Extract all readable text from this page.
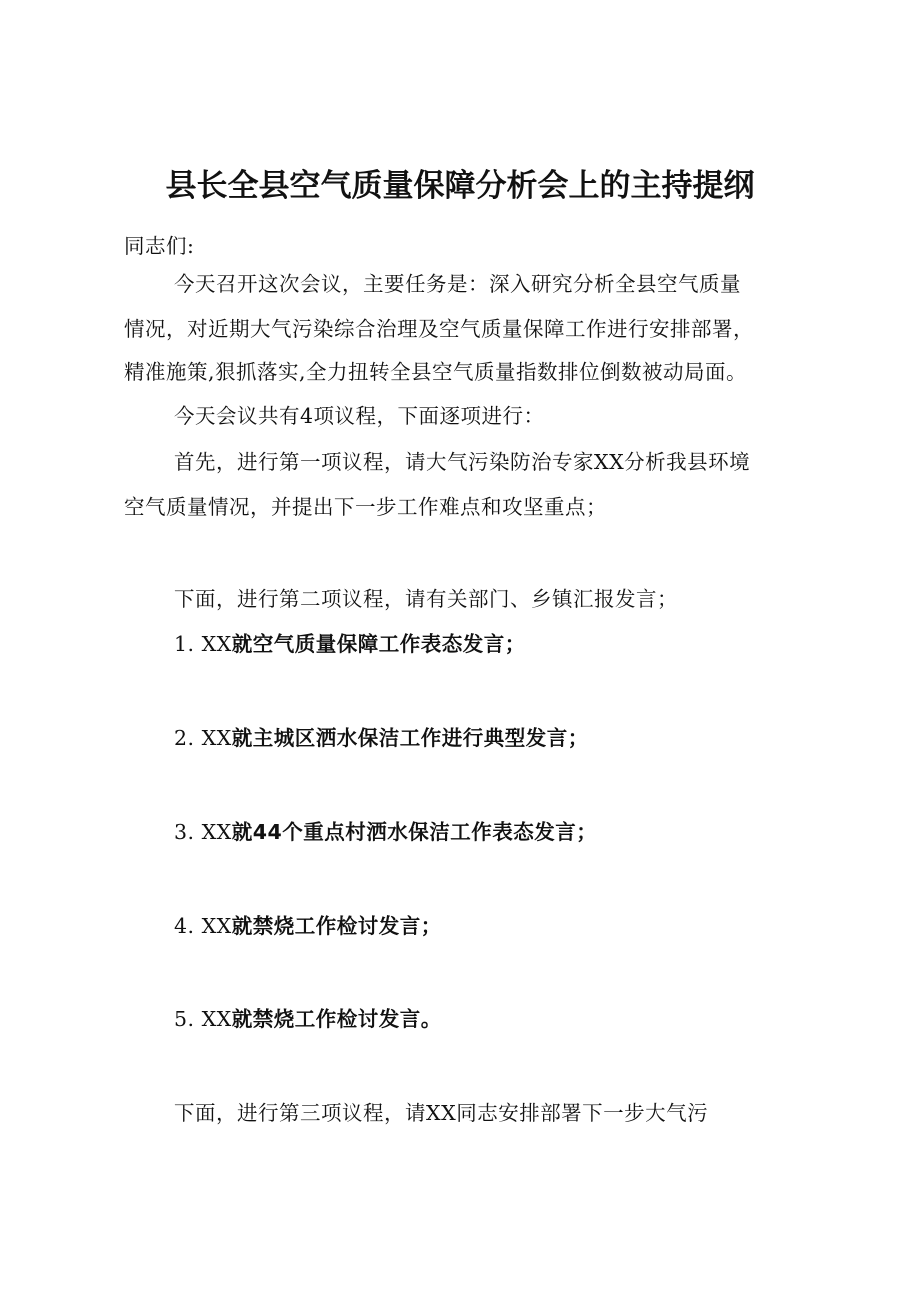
县长全县空气质量保障分析会上的主持提纲
同志们:
今天召开这次会议，主要任务是：深入研究分析全县空气质量
情况，对近期大气污染综合治理及空气质量保障工作进行安排部署，
精准施策,狠抓落实,全力扭转全县空气质量指数排位倒数被动局面。
今天会议共有4项议程，下面逐项进行：
首先，进行第一项议程，请大气污染防治专家XX分析我县环境
空气质量情况，并提出下一步工作难点和攻坚重点；
下面，进行第二项议程，请有关部门、乡镇汇报发言；
1. XX就空气质量保障工作表态发言；
2. XX就主城区洒水保洁工作进行典型发言；
3. XX就44个重点村洒水保洁工作表态发言；
4. XX就禁烧工作检讨发言；
5. XX就禁烧工作检讨发言。
下面，进行第三项议程，请XX同志安排部署下一步大气污
